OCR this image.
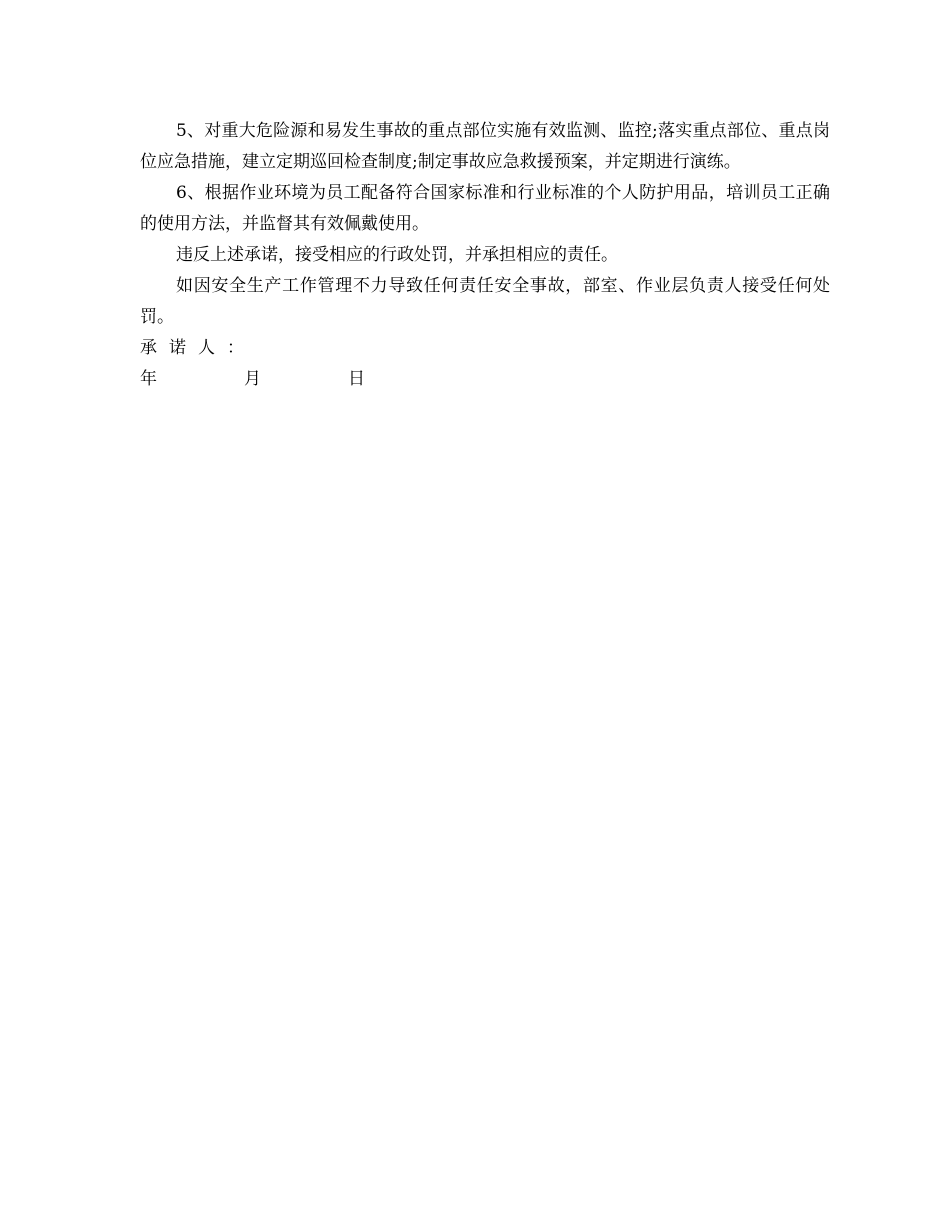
5、对重大危险源和易发生事故的重点部位实施有效监测、监控;落实重点部位、重点岗位应急措施，建立定期巡回检查制度;制定事故应急救援预案，并定期进行演练。

6、根据作业环境为员工配备符合国家标准和行业标准的个人防护用品，培训员工正确的使用方法，并监督其有效佩戴使用。

违反上述承诺，接受相应的行政处罚，并承担相应的责任。

如因安全生产工作管理不力导致任何责任安全事故，部室、作业层负责人接受任何处罚。

承诺人：

年	月	日
